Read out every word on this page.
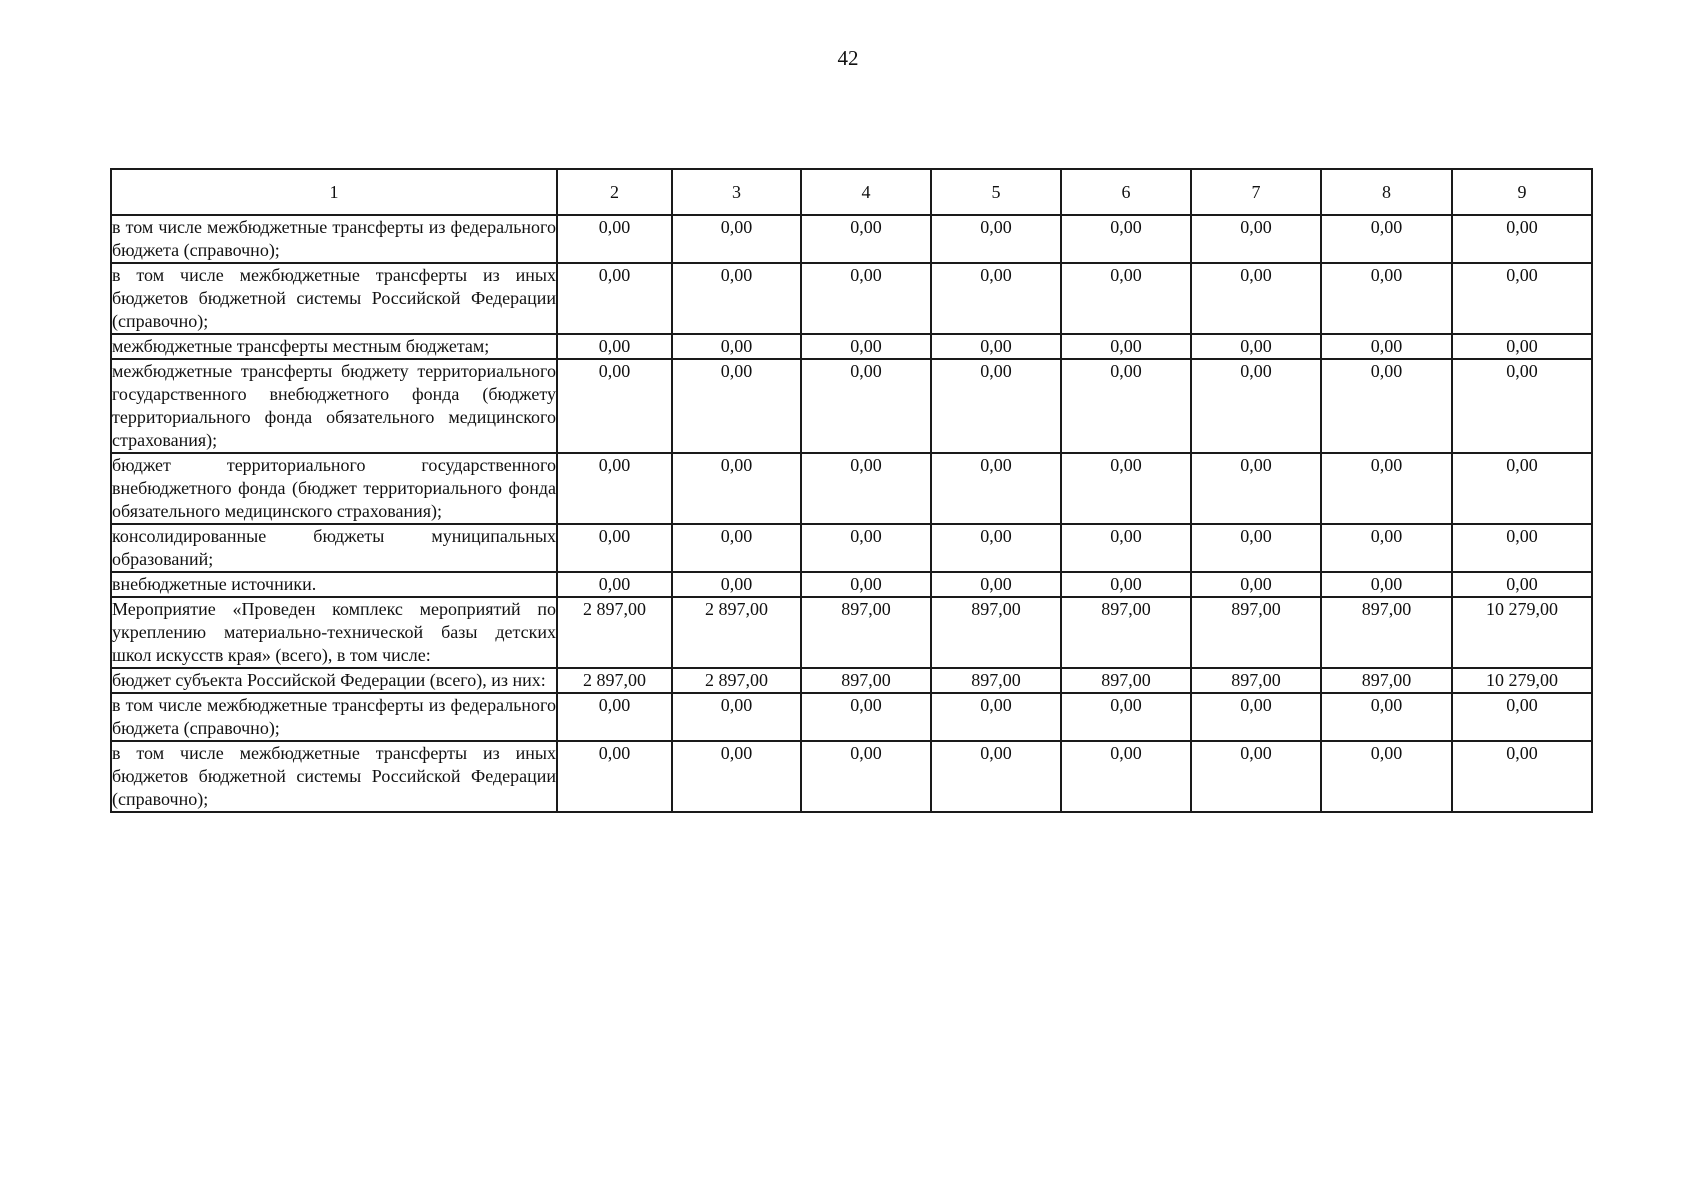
42
1	2	3	4	5	6	7	8	9
в том числе межбюджетные трансферты из федерального бюджета (справочно);	0,00	0,00	0,00	0,00	0,00	0,00	0,00	0,00
в том числе межбюджетные трансферты из иных бюджетов бюджетной системы Российской Федерации (справочно);	0,00	0,00	0,00	0,00	0,00	0,00	0,00	0,00
межбюджетные трансферты местным бюджетам;	0,00	0,00	0,00	0,00	0,00	0,00	0,00	0,00
межбюджетные трансферты бюджету территориального государственного внебюджетного фонда (бюджету территориального фонда обязательного медицинского страхования);	0,00	0,00	0,00	0,00	0,00	0,00	0,00	0,00
бюджет территориального государственного внебюджетного фонда (бюджет территориального фонда обязательного медицинского страхования);	0,00	0,00	0,00	0,00	0,00	0,00	0,00	0,00
консолидированные бюджеты муниципальных образований;	0,00	0,00	0,00	0,00	0,00	0,00	0,00	0,00
внебюджетные источники.	0,00	0,00	0,00	0,00	0,00	0,00	0,00	0,00
Мероприятие «Проведен комплекс мероприятий по укреплению материально-технической базы детских школ искусств края» (всего), в том числе:	2 897,00	2 897,00	897,00	897,00	897,00	897,00	897,00	10 279,00
бюджет субъекта Российской Федерации (всего), из них:	2 897,00	2 897,00	897,00	897,00	897,00	897,00	897,00	10 279,00
в том числе межбюджетные трансферты из федерального бюджета (справочно);	0,00	0,00	0,00	0,00	0,00	0,00	0,00	0,00
в том числе межбюджетные трансферты из иных бюджетов бюджетной системы Российской Федерации (справочно);	0,00	0,00	0,00	0,00	0,00	0,00	0,00	0,00
